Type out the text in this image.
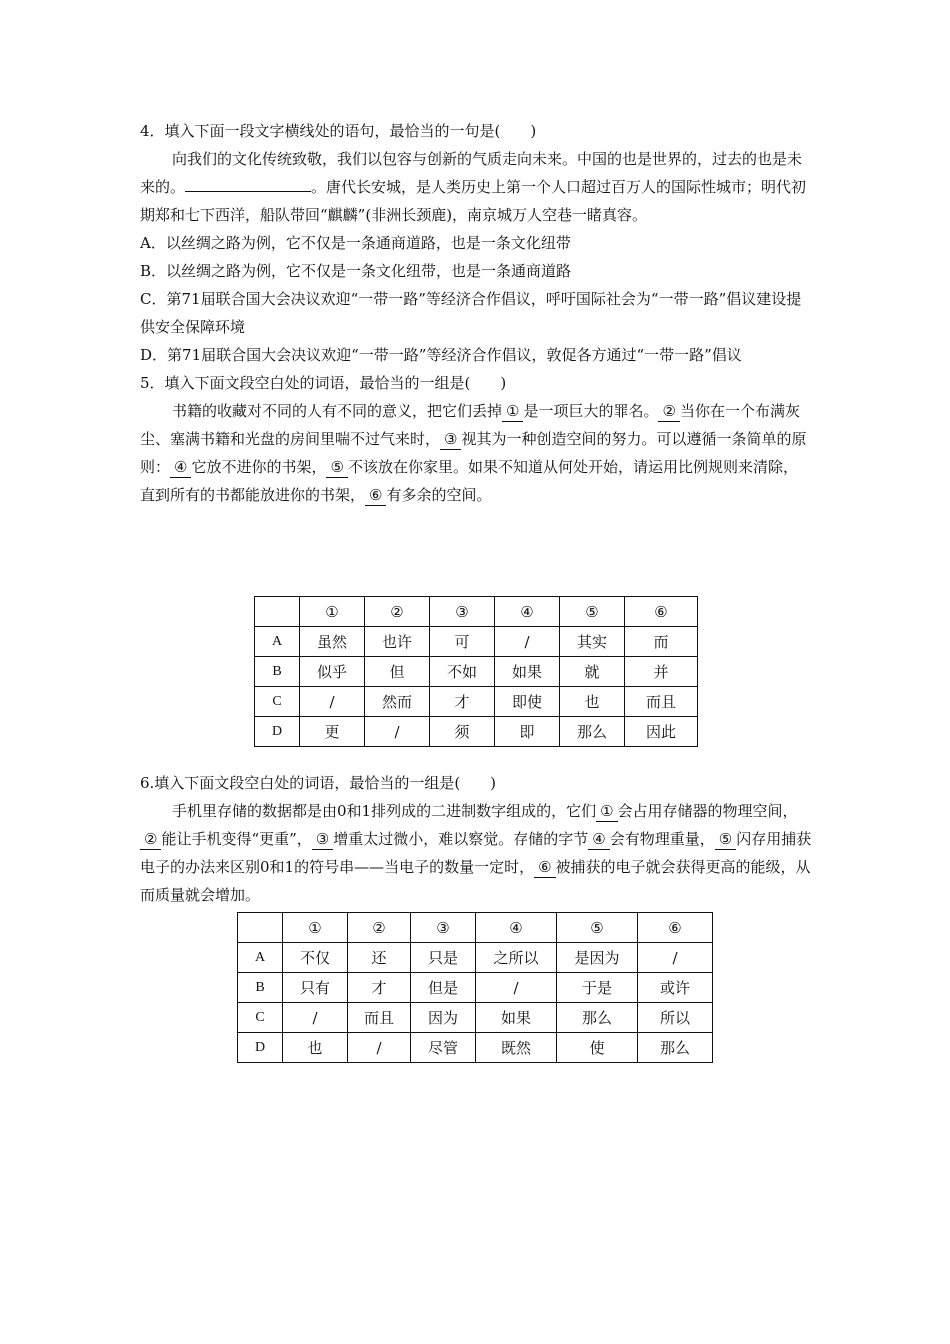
4．填入下面一段文字横线处的语句，最恰当的一句是(　　)

向我们的文化传统致敬，我们以包容与创新的气质走向未来。中国的也是世界的，过去的也是未来的。	。唐代长安城，是人类历史上第一个人口超过百万人的国际性城市；明代初期郑和七下西洋，船队带回“麒麟”(非洲长颈鹿)，南京城万人空巷一睹真容。

A．以丝绸之路为例，它不仅是一条通商道路，也是一条文化纽带

B．以丝绸之路为例，它不仅是一条文化纽带，也是一条通商道路

C．第71届联合国大会决议欢迎“一带一路”等经济合作倡议，呼吁国际社会为“一带一路”倡议建设提供安全保障环境

D．第71届联合国大会决议欢迎“一带一路”等经济合作倡议，敦促各方通过“一带一路”倡议

5．填入下面文段空白处的词语，最恰当的一组是(　　)

书籍的收藏对不同的人有不同的意义，把它们丢掉 ① 是一项巨大的罪名。 ② 当你在一个布满灰尘、塞满书籍和光盘的房间里喘不过气来时， ③ 视其为一种创造空间的努力。可以遵循一条简单的原则： ④ 它放不进你的书架， ⑤ 不该放在你家里。如果不知道从何处开始，请运用比例规则来清除，直到所有的书都能放进你的书架， ⑥ 有多余的空间。

	①	②	③	④	⑤	⑥
A	虽然	也许	可	/	其实	而
B	似乎	但	不如	如果	就	并
C	/	然而	才	即使	也	而且
D	更	/	须	即	那么	因此

6.填入下面文段空白处的词语，最恰当的一组是(　　)

手机里存储的数据都是由0和1排列成的二进制数字组成的，它们 ① 会占用存储器的物理空间，② 能让手机变得“更重”， ③ 增重太过微小，难以察觉。存储的字节 ④ 会有物理重量， ⑤ 闪存用捕获电子的办法来区别0和1的符号串——当电子的数量一定时， ⑥ 被捕获的电子就会获得更高的能级，从而质量就会增加。

	①	②	③	④	⑤	⑥
A	不仅	还	只是	之所以	是因为	/
B	只有	才	但是	/	于是	或许
C	/	而且	因为	如果	那么	所以
D	也	/	尽管	既然	使	那么
